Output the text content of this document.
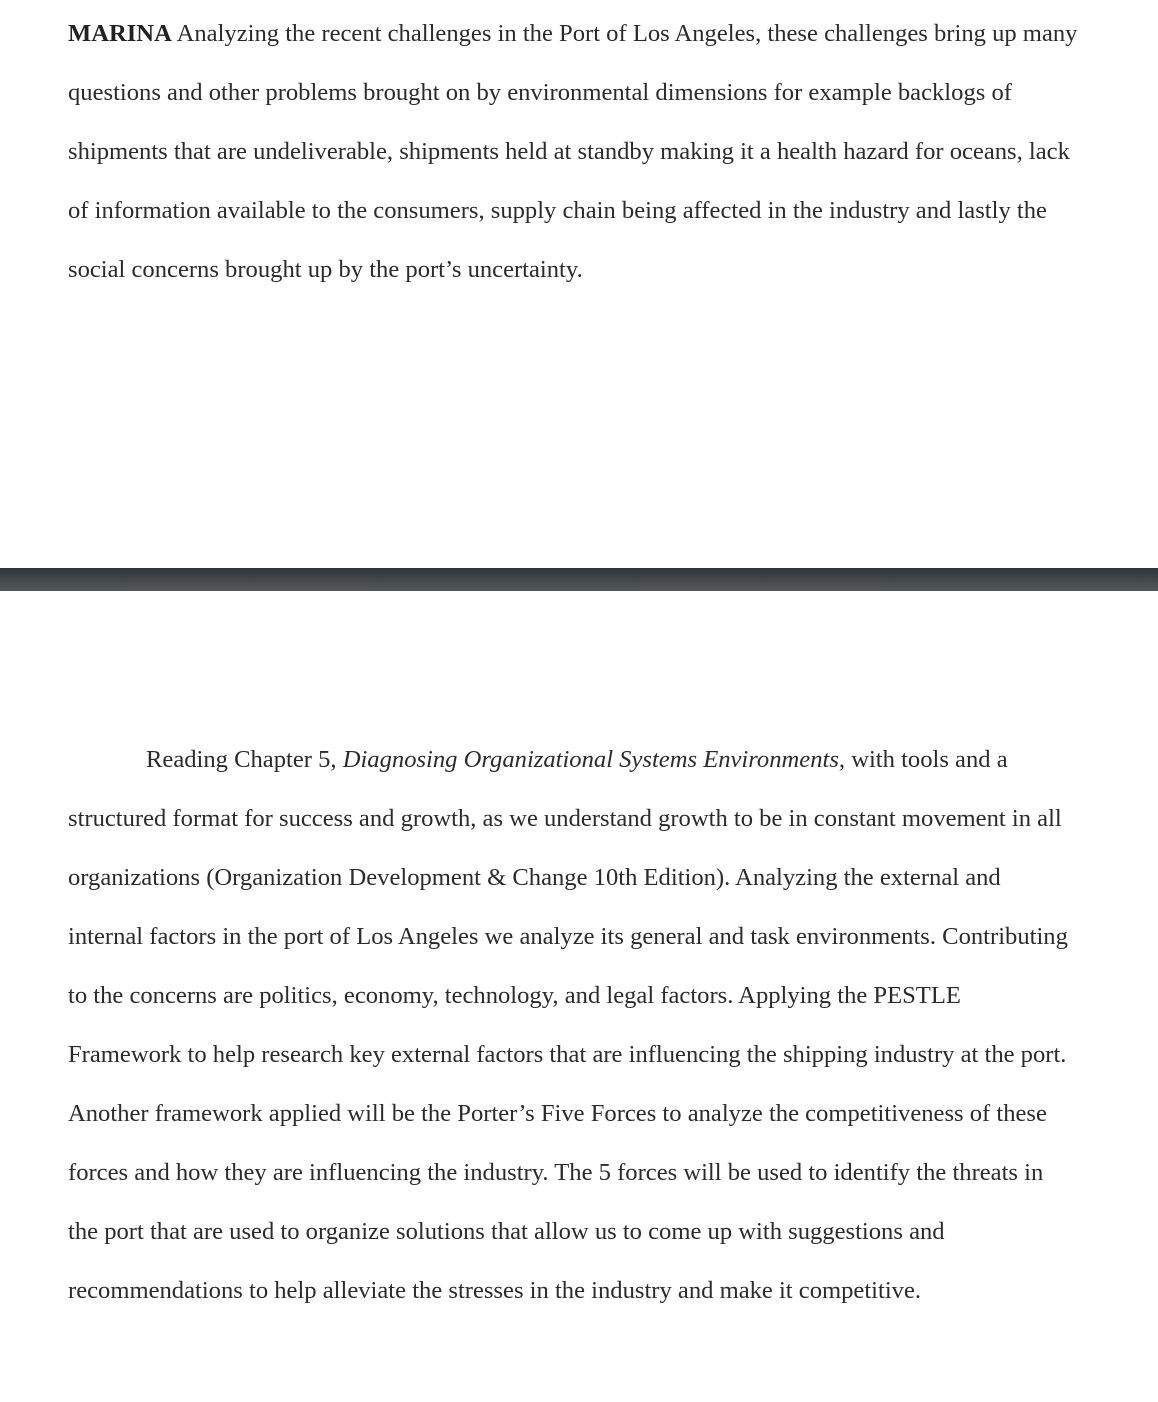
MARINA Analyzing the recent challenges in the Port of Los Angeles, these challenges bring up many questions and other problems brought on by environmental dimensions for example backlogs of shipments that are undeliverable, shipments held at standby making it a health hazard for oceans, lack of information available to the consumers, supply chain being affected in the industry and lastly the social concerns brought up by the port’s uncertainty.

Reading Chapter 5, Diagnosing Organizational Systems Environments, with tools and a structured format for success and growth, as we understand growth to be in constant movement in all organizations (Organization Development & Change 10th Edition). Analyzing the external and internal factors in the port of Los Angeles we analyze its general and task environments. Contributing to the concerns are politics, economy, technology, and legal factors. Applying the PESTLE Framework to help research key external factors that are influencing the shipping industry at the port. Another framework applied will be the Porter’s Five Forces to analyze the competitiveness of these forces and how they are influencing the industry. The 5 forces will be used to identify the threats in the port that are used to organize solutions that allow us to come up with suggestions and recommendations to help alleviate the stresses in the industry and make it competitive.
